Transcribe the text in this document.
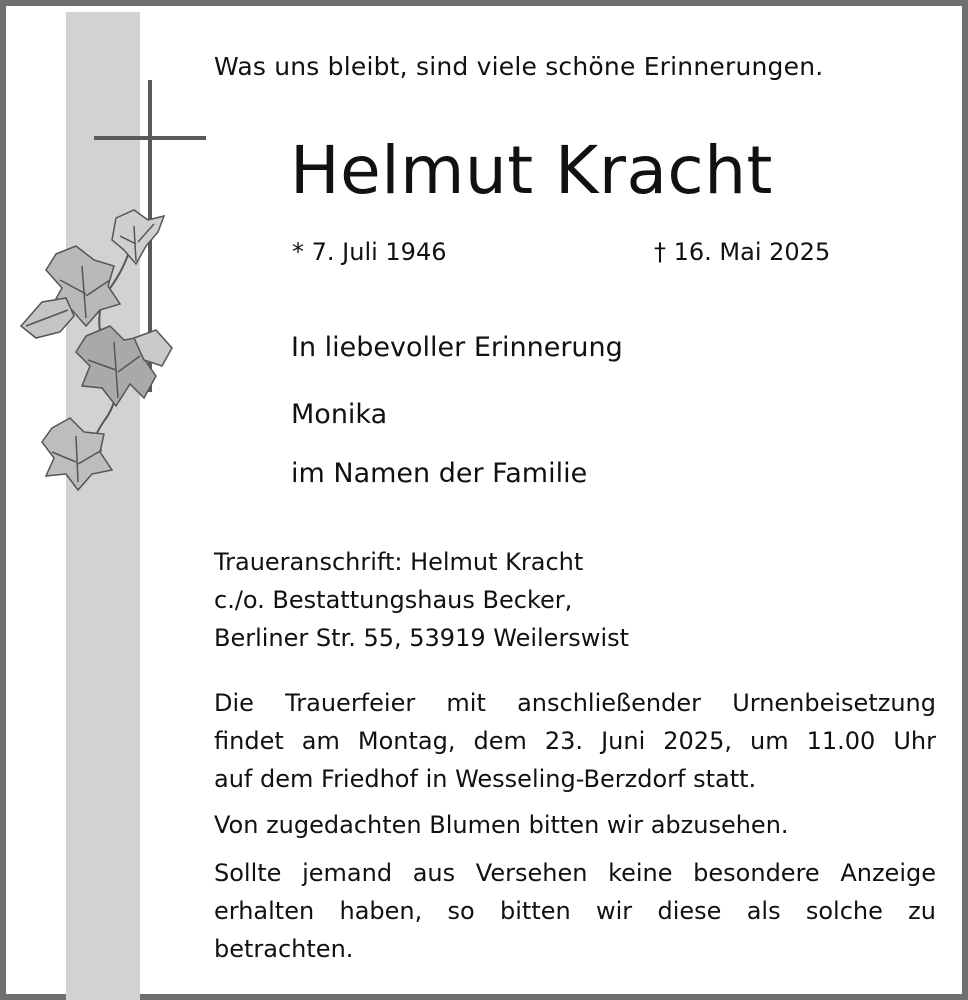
Was uns bleibt, sind viele schöne Erinnerungen.

Helmut Kracht

* 7. Juli 1946	† 16. Mai 2025

In liebevoller Erinnerung

Monika

im Namen der Familie

Traueranschrift: Helmut Kracht
c./o. Bestattungshaus Becker,
Berliner Str. 55, 53919 Weilerswist
Die Trauerfeier mit anschließender Urnenbeisetzung
findet am Montag, dem 23. Juni 2025, um 11.00 Uhr
auf dem Friedhof in Wesseling-Berzdorf statt.

Von zugedachten Blumen bitten wir abzusehen.

Sollte jemand aus Versehen keine besondere Anzeige
erhalten haben, so bitten wir diese als solche zu
betrachten.
